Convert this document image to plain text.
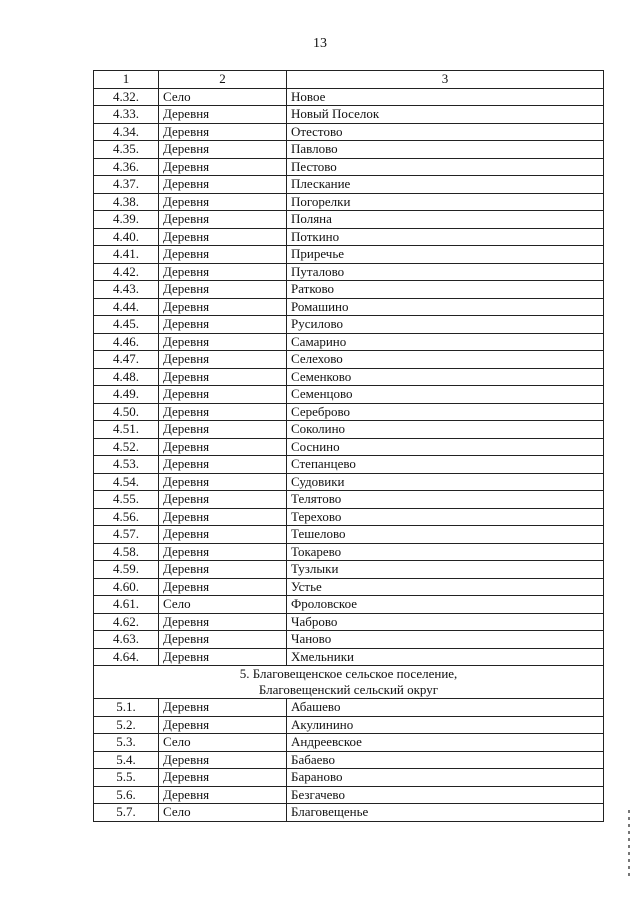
13
1	2	3
4.32.	Село	Новое
4.33.	Деревня	Новый Поселок
4.34.	Деревня	Отестово
4.35.	Деревня	Павлово
4.36.	Деревня	Пестово
4.37.	Деревня	Плескание
4.38.	Деревня	Погорелки
4.39.	Деревня	Поляна
4.40.	Деревня	Поткино
4.41.	Деревня	Приречье
4.42.	Деревня	Путалово
4.43.	Деревня	Ратково
4.44.	Деревня	Ромашино
4.45.	Деревня	Русилово
4.46.	Деревня	Самарино
4.47.	Деревня	Селехово
4.48.	Деревня	Семенково
4.49.	Деревня	Семенцово
4.50.	Деревня	Сереброво
4.51.	Деревня	Соколино
4.52.	Деревня	Соснино
4.53.	Деревня	Степанцево
4.54.	Деревня	Судовики
4.55.	Деревня	Телятово
4.56.	Деревня	Терехово
4.57.	Деревня	Тешелово
4.58.	Деревня	Токарево
4.59.	Деревня	Тузлыки
4.60.	Деревня	Устье
4.61.	Село	Фроловское
4.62.	Деревня	Чаброво
4.63.	Деревня	Чаново
4.64.	Деревня	Хмельники

5. Благовещенское сельское поселение,
Благовещенский сельский округ		

5.1.	Деревня	Абашево
5.2.	Деревня	Акулинино
5.3.	Село	Андреевское
5.4.	Деревня	Бабаево
5.5.	Деревня	Бараново
5.6.	Деревня	Безгачево
5.7.	Село	Благовещенье
